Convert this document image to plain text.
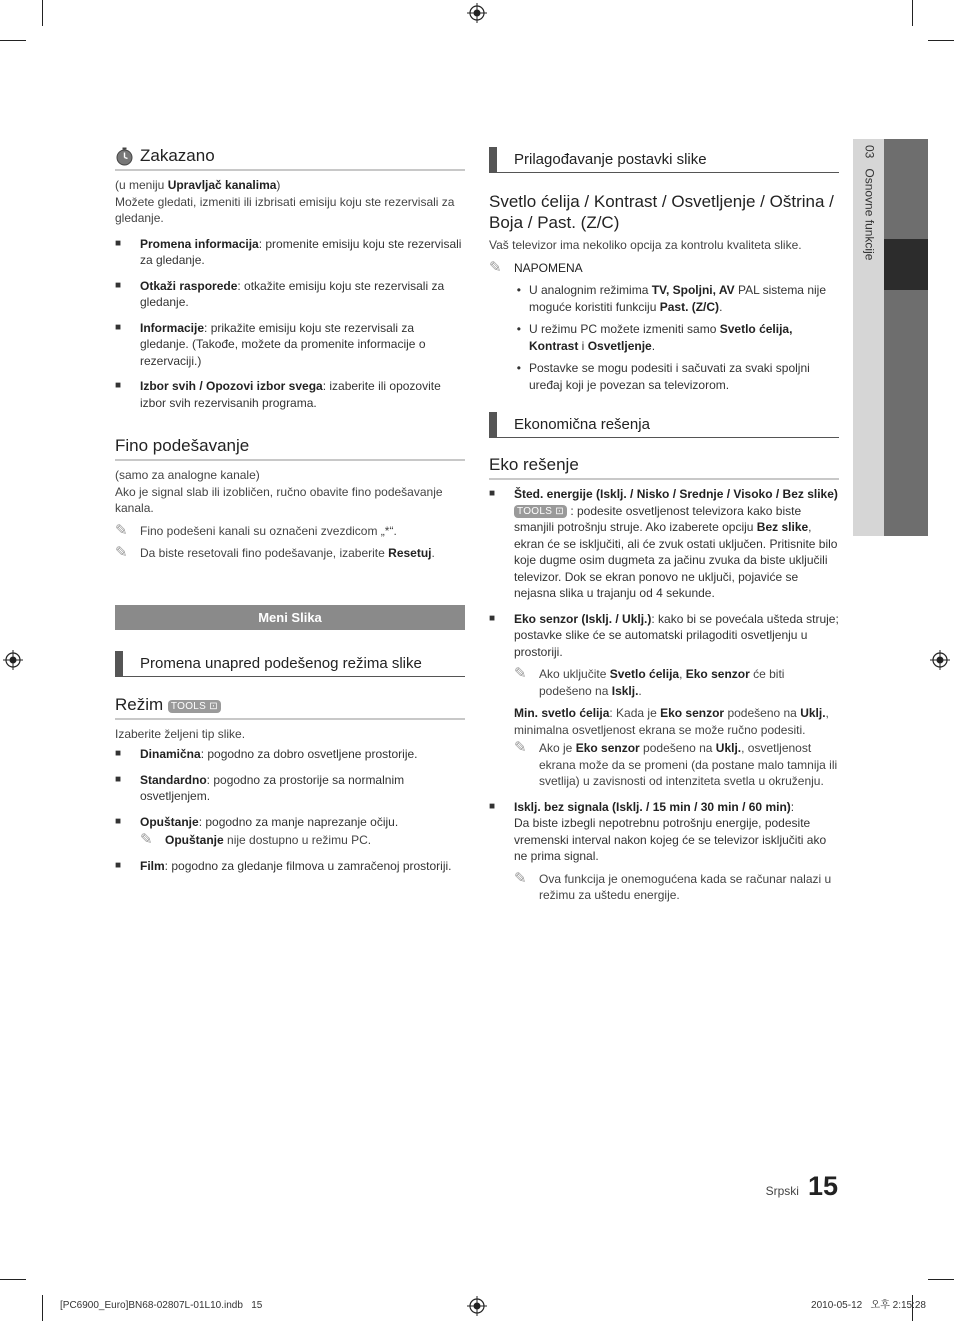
Zakazano

(u meniju Upravljač kanalima)

Možete gledati, izmeniti ili izbrisati emisiju koju ste rezervisali za gledanje.

■	Promena informacija: promenite emisiju koju ste rezervisali za gledanje.
■	Otkaži rasporede: otkažite emisiju koju ste rezervisali za gledanje.
■	Informacije: prikažite emisiju koju ste rezervisali za gledanje. (Takođe, možete da promenite informacije o rezervaciji.)
■	Izbor svih / Opozovi izbor svega: izaberite ili opozovite izbor svih rezervisanih programa.
Fino podešavanje

(samo za analogne kanale)

Ako je signal slab ili izobličen, ručno obavite fino podešavanje kanala.

✎	Fino podešeni kanali su označeni zvezdicom „*“.
✎	Da biste resetovali fino podešavanje, izaberite Resetuj.
Meni Slika
Promena unapred podešenog režima slike
Režim TOOLS ⊡

Izaberite željeni tip slike.

■	Dinamična: pogodno za dobro osvetljene prostorije.
■	Standardno: pogodno za prostorije sa normalnim osvetljenjem.
■	Opuštanje: pogodno za manje naprezanje očiju.
✎	Opuštanje nije dostupno u režimu PC.
■	Film: pogodno za gledanje filmova u zamračenoj prostoriji.
Prilagođavanje postavki slike
Svetlo ćelija / Kontrast / Osvetljenje / Oštrina / Boja / Past. (Z/C)

Vaš televizor ima nekoliko opcija za kontrolu kvaliteta slike.

✎	NAPOMENA
• U analognim režimima TV, Spoljni, AV PAL sistema nije moguće koristiti funkciju Past. (Z/C).
• U režimu PC možete izmeniti samo Svetlo ćelija, Kontrast i Osvetljenje.
• Postavke se mogu podesiti i sačuvati za svaki spoljni uređaj koji je povezan sa televizorom.
Ekonomična rešenja
Eko rešenje
■	Šted. energije (Isklj. / Nisko / Srednje / Visoko / Bez slike) TOOLS ⊡ : podesite osvetljenost televizora kako biste smanjili potrošnju struje. Ako izaberete opciju Bez slike, ekran će se isključiti, ali će zvuk ostati uključen. Pritisnite bilo koje dugme osim dugmeta za jačinu zvuka da biste uključili televizor. Dok se ekran ponovo ne uključi, pojaviće se nejasna slika u trajanju od 4 sekunde.
■	Eko senzor (Isklj. / Uklj.): kako bi se povećala ušteda struje; postavke slike će se automatski prilagoditi osvetljenju u prostoriji.
✎	Ako uključite Svetlo ćelija, Eko senzor će biti podešeno na Isklj..

Min. svetlo ćelija: Kada je Eko senzor podešeno na Uklj., minimalna osvetljenost ekrana se može ručno podesiti.

✎	Ako je Eko senzor podešeno na Uklj., osvetljenost ekrana može da se promeni (da postane malo tamnija ili svetlija) u zavisnosti od intenziteta svetla u okruženju.
■	Isklj. bez signala (Isklj. / 15 min / 30 min / 60 min):
Da biste izbegli nepotrebnu potrošnju energije, podesite vremenski interval nakon kojeg će se televizor isključiti ako ne prima signal.
✎	Ova funkcija je onemogućena kada se računar nalazi u režimu za uštedu energije.
03   Osnovne funkcije
Srpski 15
[PC6900_Euro]BN68-02807L-01L10.indb   15	2010-05-12   오후 2:15:28
